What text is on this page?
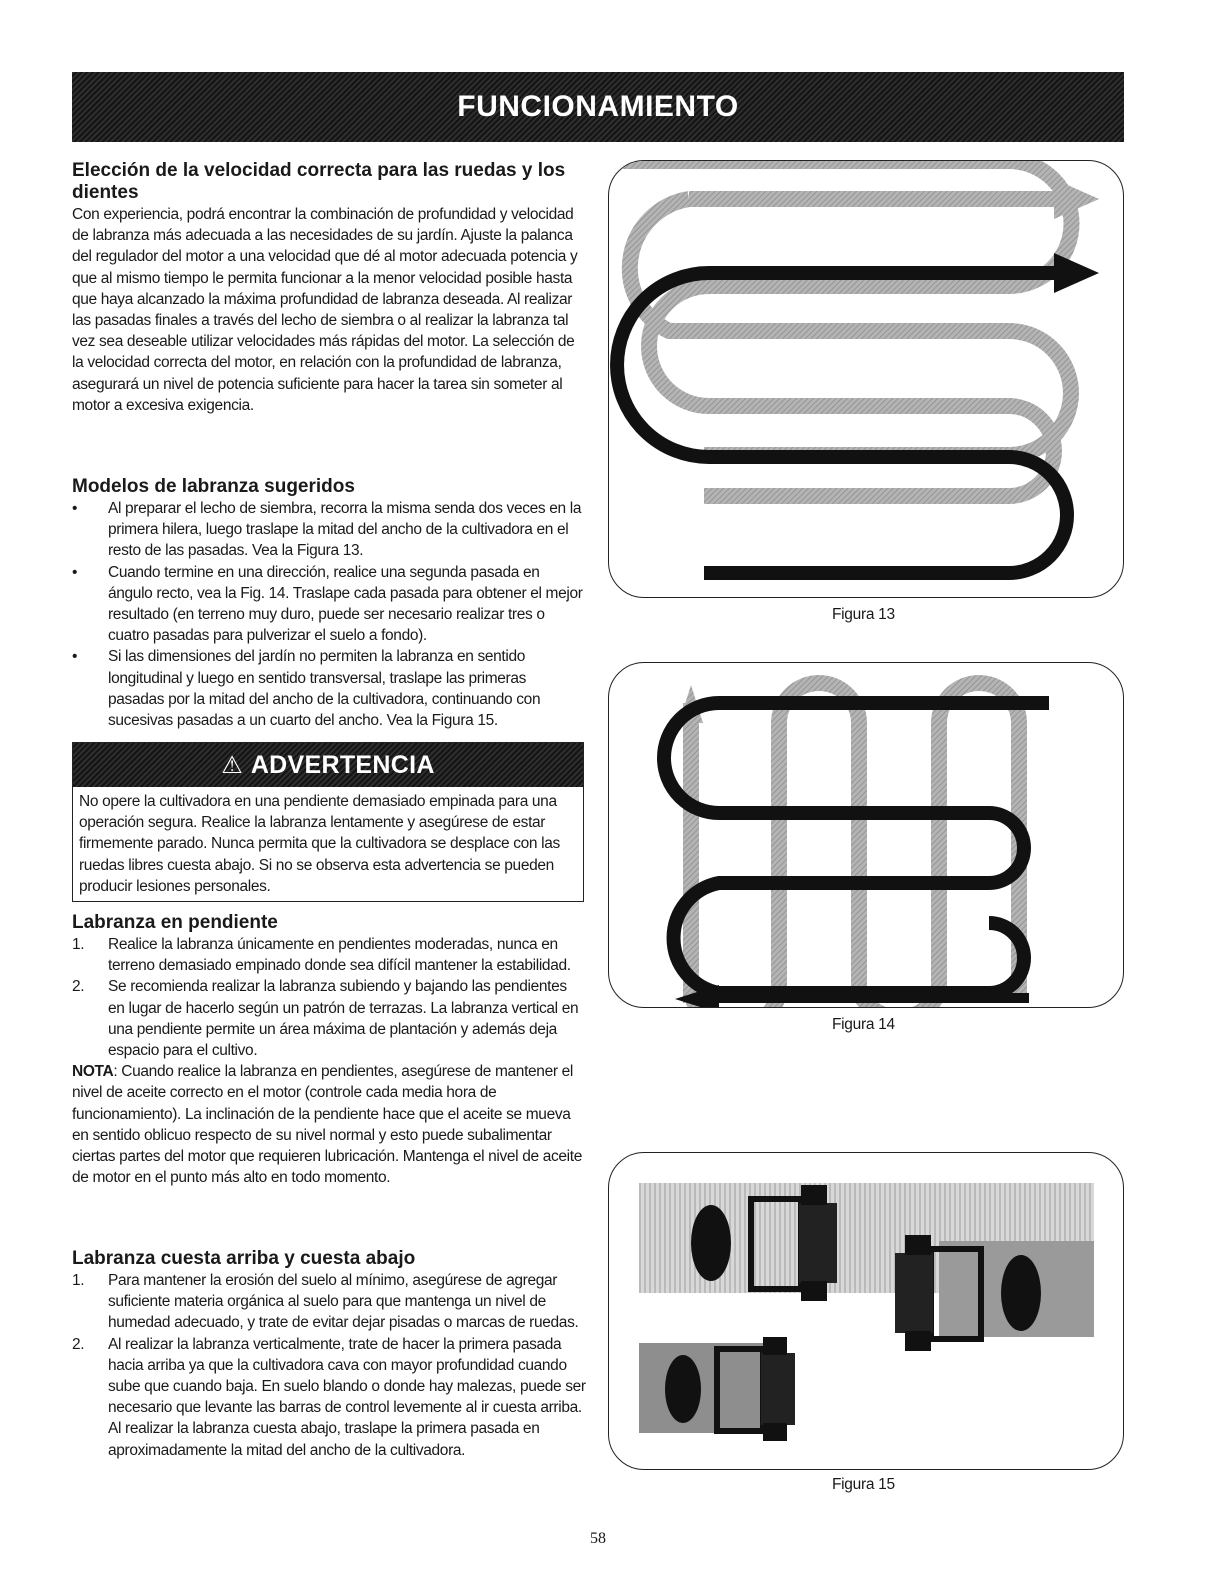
FUNCIONAMIENTO
Elección de la velocidad correcta para las ruedas y los dientes

Con experiencia, podrá encontrar la combinación de profundidad y velocidad de labranza más adecuada a las necesidades de su jardín. Ajuste la palanca del regulador del motor a una velocidad que dé al motor adecuada potencia y que al mismo tiempo le permita funcionar a la menor velocidad posible hasta que haya alcanzado la máxima profundidad de labranza deseada. Al realizar las pasadas finales a través del lecho de siembra o al realizar la labranza tal vez sea deseable utilizar velocidades más rápidas del motor. La selección de la velocidad correcta del motor, en relación con la profundidad de labranza, asegurará un nivel de potencia suficiente para hacer la tarea sin someter al motor a excesiva exigencia.

Modelos de labranza sugeridos
•	Al preparar el lecho de siembra, recorra la misma senda dos veces en la primera hilera, luego traslape la mitad del ancho de la cultivadora en el resto de las pasadas. Vea la Figura 13.
•	Cuando termine en una dirección, realice una segunda pasada en ángulo recto, vea la Fig. 14. Traslape cada pasada para obtener el mejor resultado (en terreno muy duro, puede ser necesario realizar tres o cuatro pasadas para pulverizar el suelo a fondo).
•	Si las dimensiones del jardín no permiten la labranza en sentido longitudinal y luego en sentido transversal, traslape las primeras pasadas por la mitad del ancho de la cultivadora, continuando con sucesivas pasadas a un cuarto del ancho. Vea la Figura 15.
⚠ ADVERTENCIA
No opere la cultivadora en una pendiente demasiado empinada para una operación segura. Realice la labranza lentamente y asegúrese de estar firmemente parado. Nunca permita que la cultivadora se desplace con las ruedas libres cuesta abajo. Si no se observa esta advertencia se pueden producir lesiones personales.
Labranza en pendiente
1.	Realice la labranza únicamente en pendientes moderadas, nunca en terreno demasiado empinado donde sea difícil mantener la estabilidad.
2.	Se recomienda realizar la labranza subiendo y bajando las pendientes en lugar de hacerlo según un patrón de terrazas. La labranza vertical en una pendiente permite un área máxima de plantación y además deja espacio para el cultivo.

NOTA: Cuando realice la labranza en pendientes, asegúrese de mantener el nivel de aceite correcto en el motor (controle cada media hora de funcionamiento). La inclinación de la pendiente hace que el aceite se mueva en sentido oblicuo respecto de su nivel normal y esto puede subalimentar ciertas partes del motor que requieren lubricación. Mantenga el nivel de aceite de motor en el punto más alto en todo momento.

Labranza cuesta arriba y cuesta abajo
1.	Para mantener la erosión del suelo al mínimo, asegúrese de agregar suficiente materia orgánica al suelo para que mantenga un nivel de humedad adecuado, y trate de evitar dejar pisadas o marcas de ruedas.
2.	Al realizar la labranza verticalmente, trate de hacer la primera pasada hacia arriba ya que la cultivadora cava con mayor profundidad cuando sube que cuando baja. En suelo blando o donde hay malezas, puede ser necesario que levante las barras de control levemente al ir cuesta arriba. Al realizar la labranza cuesta abajo, traslape la primera pasada en aproximadamente la mitad del ancho de la cultivadora.
Figura 13
Figura 14
Figura 15
58
